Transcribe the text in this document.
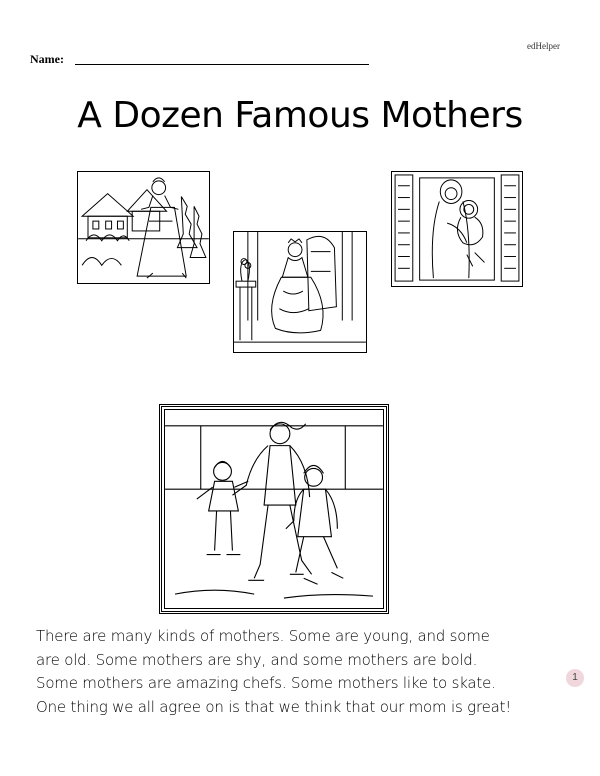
edHelper
Name:
A Dozen Famous Mothers

There are many kinds of mothers. Some are young, and some

are old. Some mothers are shy, and some mothers are bold.

Some mothers are amazing chefs. Some mothers like to skate.

One thing we all agree on is that we think that our mom is great!

1
